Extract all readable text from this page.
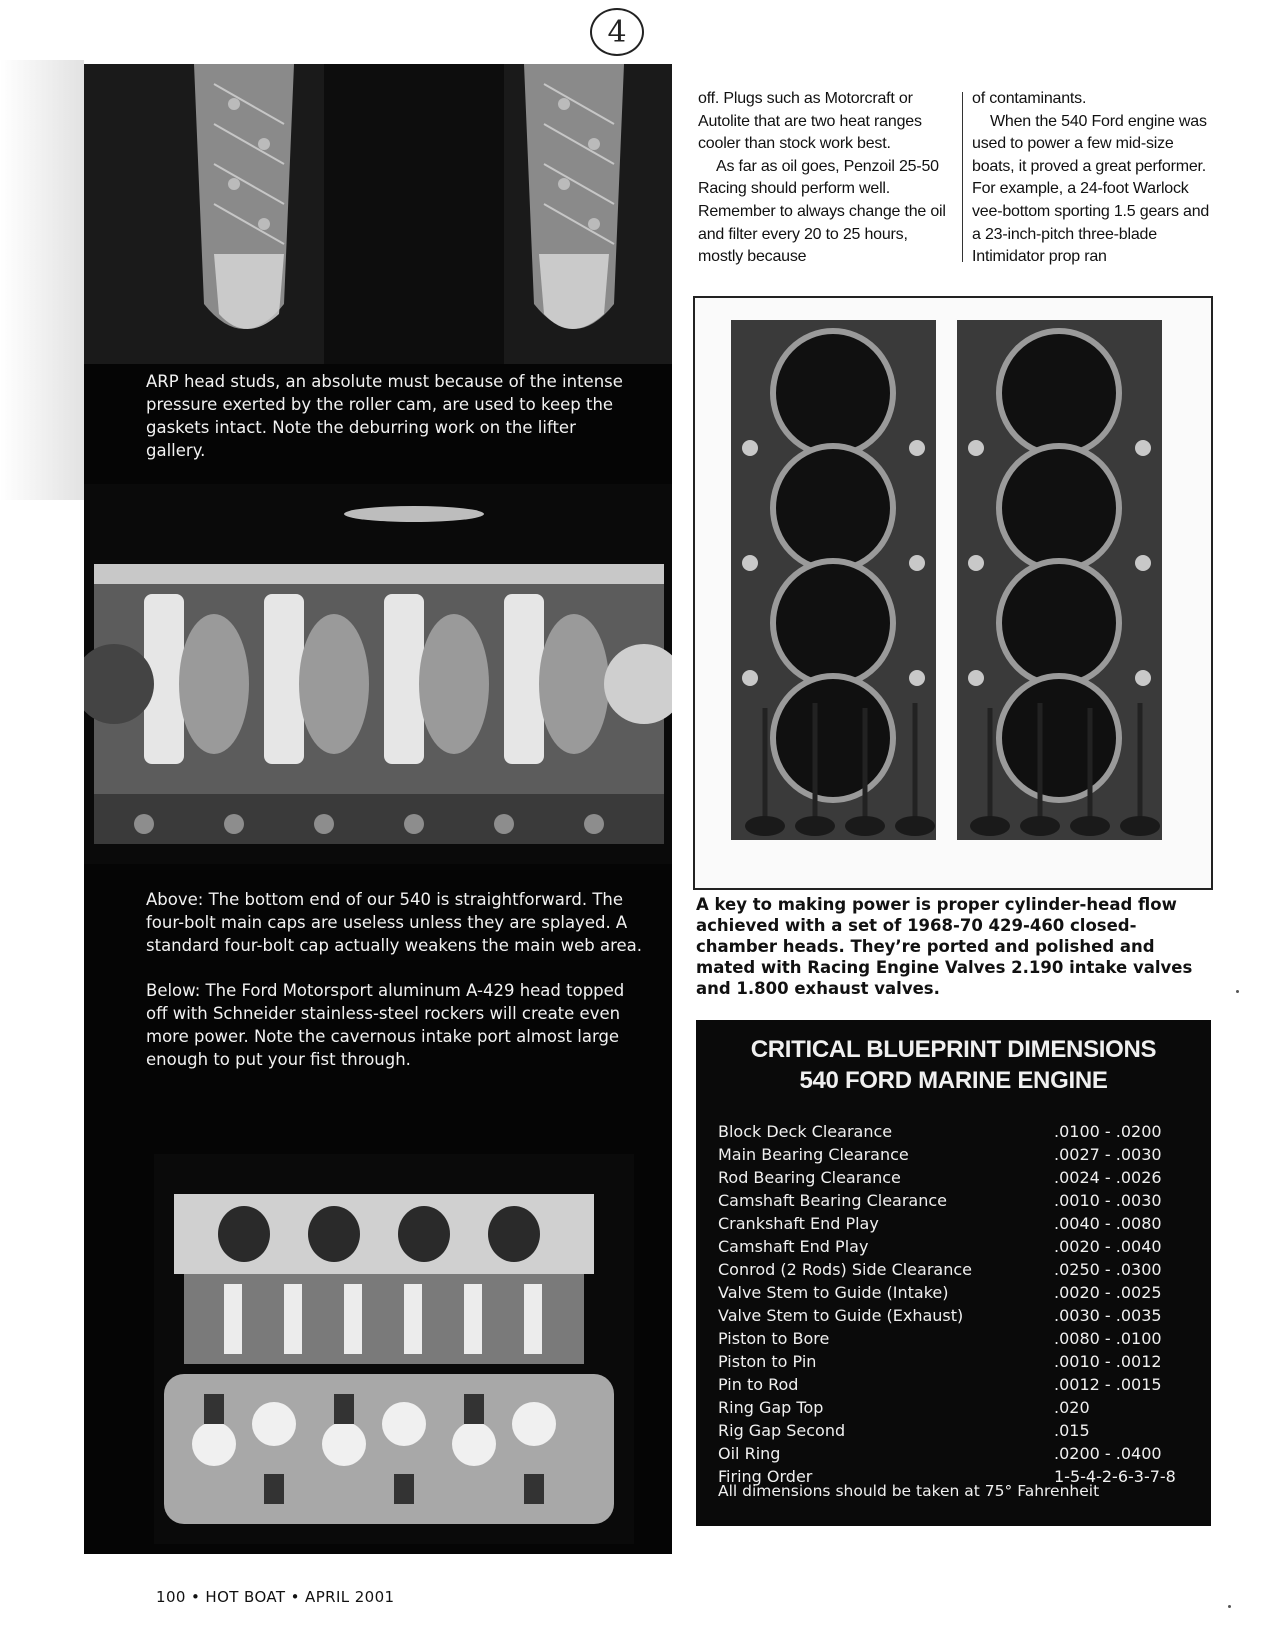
4

ARP head studs, an absolute must because of the intense pressure exerted by the roller cam, are used to keep the gaskets intact. Note the deburring work on the lifter gallery.

Above: The bottom end of our 540 is straightforward. The four-bolt main caps are useless unless they are splayed. A standard four-bolt cap actually weakens the main web area.

Below: The Ford Motorsport aluminum A-429 head topped off with Schneider stainless-steel rockers will create even more power. Note the cavernous intake port almost large enough to put your fist through.

off. Plugs such as Motorcraft or Autolite that are two heat ranges cooler than stock work best.

As far as oil goes, Penzoil 25-50 Racing should perform well. Remember to always change the oil and filter every 20 to 25 hours, mostly because

of contaminants.

When the 540 Ford engine was used to power a few mid-size boats, it proved a great performer. For example, a 24-foot Warlock vee-bottom sporting 1.5 gears and a 23-inch-pitch three-blade Intimidator prop ran

A key to making power is proper cylinder-head flow achieved with a set of 1968-70 429-460 closed-chamber heads. They’re ported and polished and mated with Racing Engine Valves 2.190 intake valves and 1.800 exhaust valves.
CRITICAL BLUEPRINT DIMENSIONS
540 FORD MARINE ENGINE
Block Deck Clearance	.0100 - .0200
Main Bearing Clearance	.0027 - .0030
Rod Bearing Clearance	.0024 - .0026
Camshaft Bearing Clearance	.0010 - .0030
Crankshaft End Play	.0040 - .0080
Camshaft End Play	.0020 - .0040
Conrod (2 Rods) Side Clearance	.0250 - .0300
Valve Stem to Guide (Intake)	.0020 - .0025
Valve Stem to Guide (Exhaust)	.0030 - .0035
Piston to Bore	.0080 - .0100
Piston to Pin	.0010 - .0012
Pin to Rod	.0012 - .0015
Ring Gap Top	.020
Rig Gap Second	.015
Oil Ring	.0200 - .0400
Firing Order	1-5-4-2-6-3-7-8
All dimensions should be taken at 75° Fahrenheit
100 • HOT BOAT • APRIL 2001
